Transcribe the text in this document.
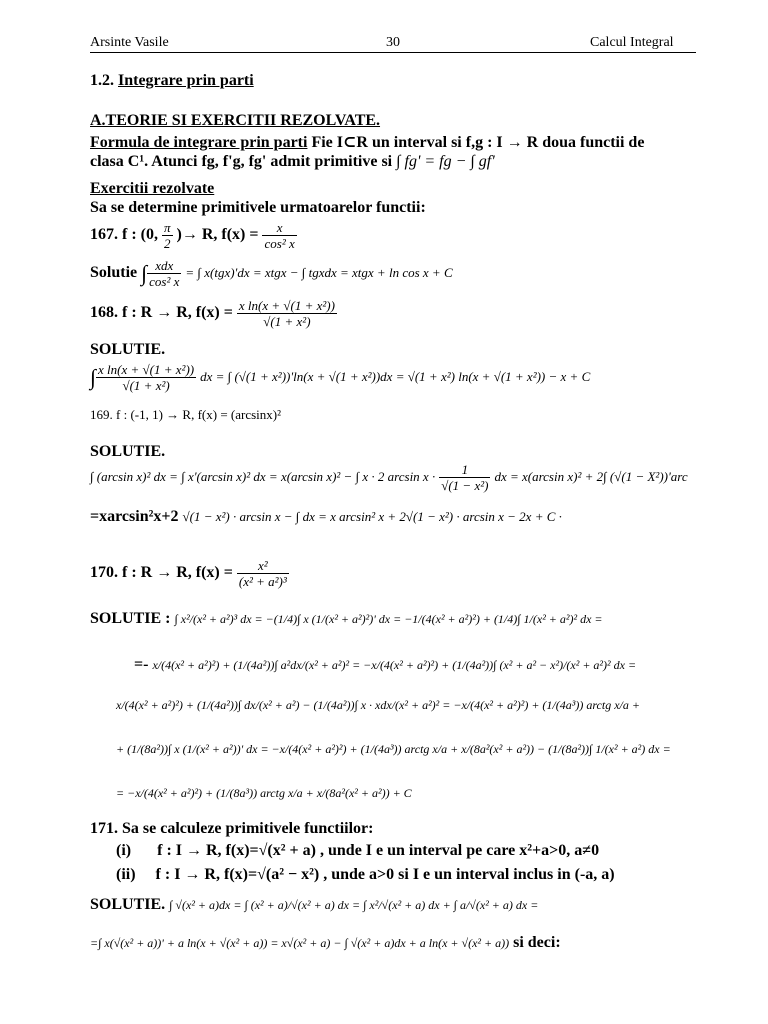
Arsinte Vasile	30	Calcul Integral
1.2. Integrare prin parti
A.TEORIE SI EXERCITII REZOLVATE.
Formula de integrare prin parti Fie I⊂R un interval si f,g : I → R doua functii de
clasa C¹. Atunci fg, f'g, fg' admit primitive si ∫ fg' = fg − ∫ gf'
Exercitii rezolvate
Sa se determine primitivele urmatoarelor functii:
167. f : (0, $\frac{\pi}{2}$ )→ R, $f(x) = \frac{x}{\text{cos² x}}$
Solutie ∫ $\frac{\text{xdx}}{\text{cos² x}}$ = ∫ x(tgx)'dx = xtgx − ∫ tgxdx = xtgx + ln cos x + C
168. f : R → R, $f(x) = \frac{\text{x ln(x + √(1 + x²))}}{\text{√(1 + x²)}}$
SOLUTIE.
∫ $\frac{\text{x ln(x + √(1 + x²))}}{\text{√(1 + x²)}}$ dx = ∫ (√(1 + x²))'ln(x + √(1 + x²))dx = √(1 + x²) ln(x + √(1 + x²)) − x + C
169. f : (-1, 1) → R, f(x) = (arcsinx)²
SOLUTIE.
∫ (arcsin x)² dx = ∫ x'(arcsin x)² dx = x(arcsin x)² − ∫ x · 2 $\arcsin x \cdot \frac{1}{\text{√(1 − x²)}}$ dx = x(arcsin x)² + 2∫ (√(1 − X²))'arc
=xarcsin²x+2 √(1 − x²) · arcsin x − ∫ dx = x arcsin² x + 2√(1 − x²) · arcsin x − 2x + C ·
170. f : R → R, $f(x) = \frac{\text{x²}}{\text{(x² + a²)³}}$
SOLUTIE : ∫ x²/(x² + a²)³ dx = −(1/4)∫ x (1/(x² + a²)²)' dx = −1/(4(x² + a²)²) + (1/4)∫ 1/(x² + a²)² dx =
=- x/(4(x² + a²)²) + (1/(4a²))∫ a²dx/(x² + a²)² = −x/(4(x² + a²)²) + (1/(4a²))∫ (x² + a² − x²)/(x² + a²)² dx =
x/(4(x² + a²)²) + (1/(4a²))∫ dx/(x² + a²) − (1/(4a²))∫ x · xdx/(x² + a²)² = −x/(4(x² + a²)²) + (1/(4a³)) arctg x/a +
+ (1/(8a²))∫ x (1/(x² + a²))' dx = −x/(4(x² + a²)²) + (1/(4a³)) arctg x/a + x/(8a²(x² + a²)) − (1/(8a²))∫ 1/(x² + a²) dx =
= −x/(4(x² + a²)²) + (1/(8a³)) arctg x/a + x/(8a²(x² + a²)) + C
171. Sa se calculeze primitivele functiilor:
(i) f : I → R, f(x)=√(x² + a) , unde I e un interval pe care x²+a>0, a≠0
(ii) f : I → R, f(x)=√(a² − x²) , unde a>0 si I e un interval inclus in (-a, a)
SOLUTIE. ∫ √(x² + a)dx = ∫ (x² + a)/√(x² + a) dx = ∫ x²/√(x² + a) dx + ∫ a/√(x² + a) dx =
=∫ x(√(x² + a))' + a ln(x + √(x² + a)) = x√(x² + a) − ∫ √(x² + a)dx + a ln(x + √(x² + a)) si deci:
